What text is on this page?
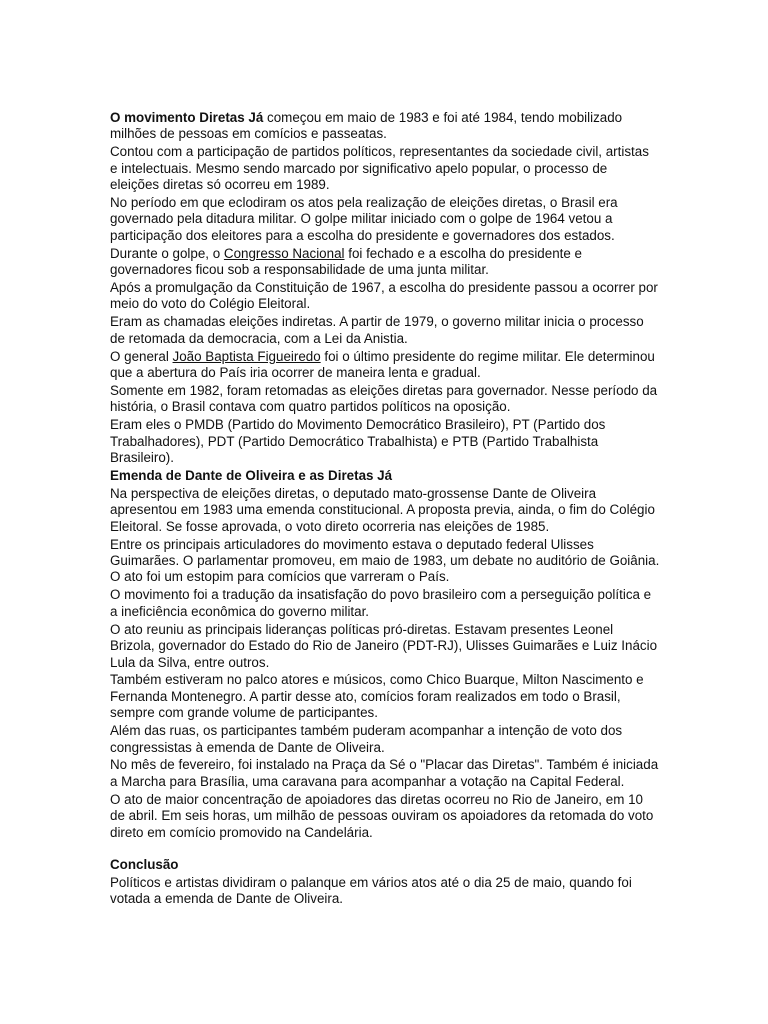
O movimento Diretas Já começou em maio de 1983 e foi até 1984, tendo mobilizado milhões de pessoas em comícios e passeatas.

Contou com a participação de partidos políticos, representantes da sociedade civil, artistas e intelectuais. Mesmo sendo marcado por significativo apelo popular, o processo de eleições diretas só ocorreu em 1989.

No período em que eclodiram os atos pela realização de eleições diretas, o Brasil era governado pela ditadura militar. O golpe militar iniciado com o golpe de 1964 vetou a participação dos eleitores para a escolha do presidente e governadores dos estados.

Durante o golpe, o Congresso Nacional foi fechado e a escolha do presidente e governadores ficou sob a responsabilidade de uma junta militar.

Após a promulgação da Constituição de 1967, a escolha do presidente passou a ocorrer por meio do voto do Colégio Eleitoral.

Eram as chamadas eleições indiretas. A partir de 1979, o governo militar inicia o processo de retomada da democracia, com a Lei da Anistia.

O general João Baptista Figueiredo foi o último presidente do regime militar. Ele determinou que a abertura do País iria ocorrer de maneira lenta e gradual.

Somente em 1982, foram retomadas as eleições diretas para governador. Nesse período da história, o Brasil contava com quatro partidos políticos na oposição.

Eram eles o PMDB (Partido do Movimento Democrático Brasileiro), PT (Partido dos Trabalhadores), PDT (Partido Democrático Trabalhista) e PTB (Partido Trabalhista Brasileiro).

Emenda de Dante de Oliveira e as Diretas Já

Na perspectiva de eleições diretas, o deputado mato-grossense Dante de Oliveira apresentou em 1983 uma emenda constitucional. A proposta previa, ainda, o fim do Colégio Eleitoral. Se fosse aprovada, o voto direto ocorreria nas eleições de 1985.

Entre os principais articuladores do movimento estava o deputado federal Ulisses Guimarães. O parlamentar promoveu, em maio de 1983, um debate no auditório de Goiânia. O ato foi um estopim para comícios que varreram o País.

O movimento foi a tradução da insatisfação do povo brasileiro com a perseguição política e a ineficiência econômica do governo militar.

O ato reuniu as principais lideranças políticas pró-diretas. Estavam presentes Leonel Brizola, governador do Estado do Rio de Janeiro (PDT-RJ), Ulisses Guimarães e Luiz Inácio Lula da Silva, entre outros.

Também estiveram no palco atores e músicos, como Chico Buarque, Milton Nascimento e Fernanda Montenegro. A partir desse ato, comícios foram realizados em todo o Brasil, sempre com grande volume de participantes.

Além das ruas, os participantes também puderam acompanhar a intenção de voto dos congressistas à emenda de Dante de Oliveira.

No mês de fevereiro, foi instalado na Praça da Sé o "Placar das Diretas". Também é iniciada a Marcha para Brasília, uma caravana para acompanhar a votação na Capital Federal.

O ato de maior concentração de apoiadores das diretas ocorreu no Rio de Janeiro, em 10 de abril. Em seis horas, um milhão de pessoas ouviram os apoiadores da retomada do voto direto em comício promovido na Candelária.

Conclusão

Políticos e artistas dividiram o palanque em vários atos até o dia 25 de maio, quando foi votada a emenda de Dante de Oliveira.
